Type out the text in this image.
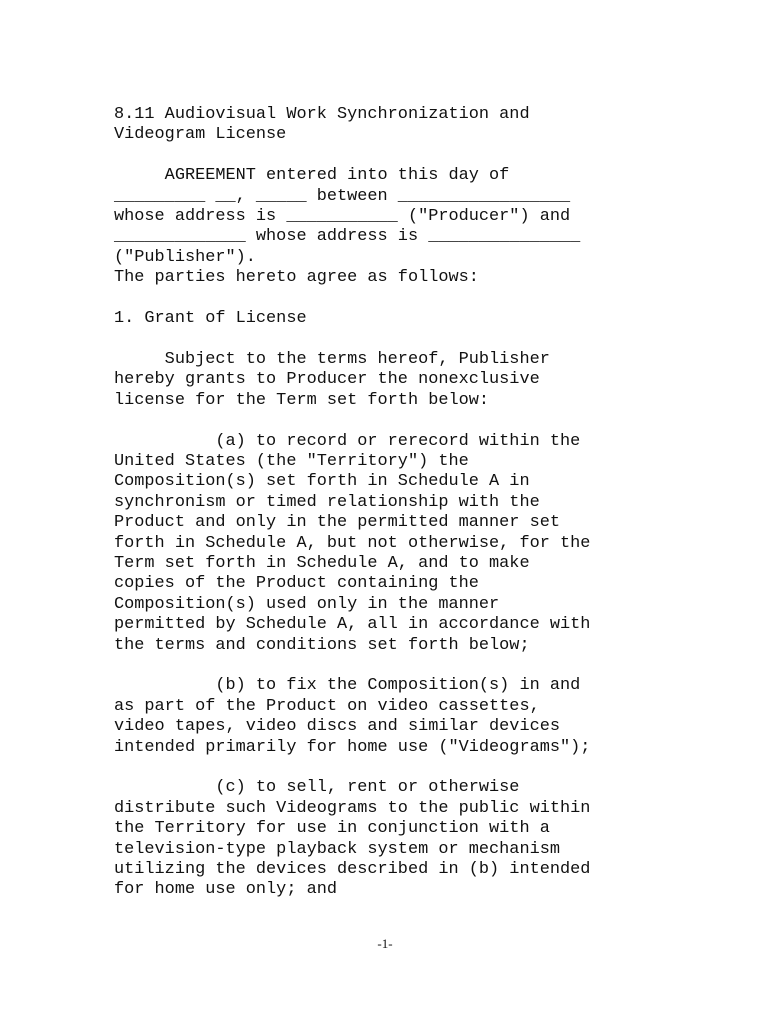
8.11 Audiovisual Work Synchronization and
Videogram License

AGREEMENT entered into this day of
_________ __, _____ between _________________
whose address is ___________ ("Producer") and
_____________ whose address is _______________
("Publisher").
The parties hereto agree as follows:

1. Grant of License

Subject to the terms hereof, Publisher
hereby grants to Producer the nonexclusive
license for the Term set forth below:

(a) to record or rerecord within the
United States (the "Territory") the
Composition(s) set forth in Schedule A in
synchronism or timed relationship with the
Product and only in the permitted manner set
forth in Schedule A, but not otherwise, for the
Term set forth in Schedule A, and to make
copies of the Product containing the
Composition(s) used only in the manner
permitted by Schedule A, all in accordance with
the terms and conditions set forth below;

(b) to fix the Composition(s) in and
as part of the Product on video cassettes,
video tapes, video discs and similar devices
intended primarily for home use ("Videograms");

(c) to sell, rent or otherwise
distribute such Videograms to the public within
the Territory for use in conjunction with a
television-type playback system or mechanism
utilizing the devices described in (b) intended
for home use only; and
-1-
